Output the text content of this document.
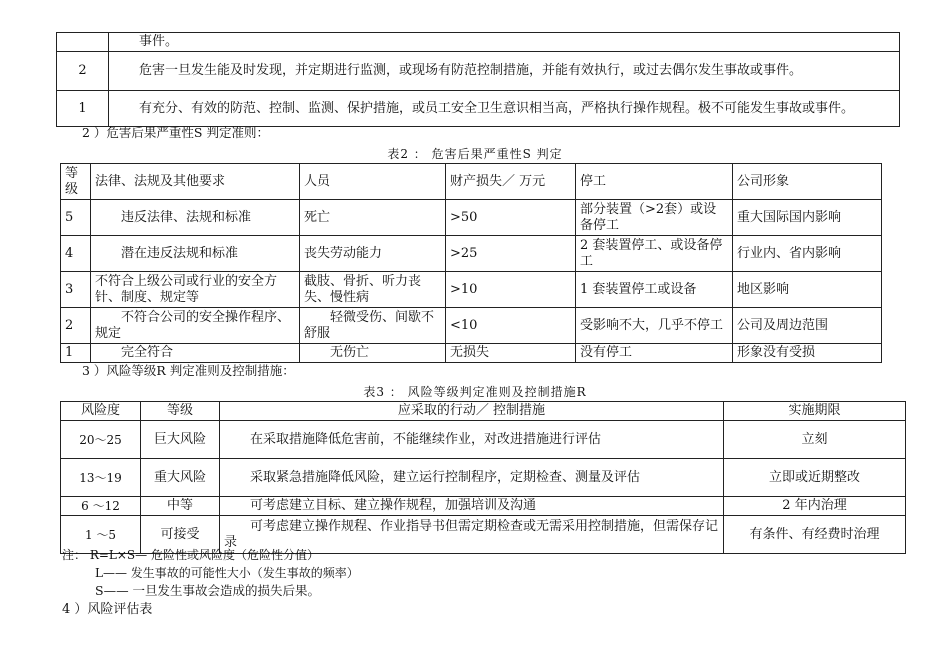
	事件。
2	危害一旦发生能及时发现，并定期进行监测，或现场有防范控制措施，并能有效执行，或过去偶尔发生事故或事件。
1	有充分、有效的防范、控制、监测、保护措施，或员工安全卫生意识相当高，严格执行操作规程。极不可能发生事故或事件。
2 ）危害后果严重性S 判定准则：
表2 ： 危害后果严重性S 判定
等级	法律、法规及其他要求	人员	财产损失／ 万元	停工	公司形象
5	违反法律、法规和标准	死亡	>50	部分装置（>2套）或设备停工	重大国际国内影响
4	潜在违反法规和标准	丧失劳动能力	>25	2 套装置停工、或设备停工	行业内、省内影响
3	不符合上级公司或行业的安全方针、制度、规定等	截肢、骨折、听力丧失、慢性病	>10	1 套装置停工或设备	地区影响
2	不符合公司的安全操作程序、规定	轻微受伤、间歇不舒服	<10	受影响不大，几乎不停工	公司及周边范围
1	完全符合	无伤亡	无损失	没有停工	形象没有受损
3 ）风险等级R 判定准则及控制措施：
表3 ： 风险等级判定准则及控制措施R
风险度	等级	应采取的行动／ 控制措施	实施期限
20～25	巨大风险	在采取措施降低危害前，不能继续作业，对改进措施进行评估	立刻
13～19	重大风险	采取紧急措施降低风险，建立运行控制程序，定期检查、测量及评估	立即或近期整改
6 ～12	中等	可考虑建立目标、建立操作规程，加强培训及沟通	2 年内治理
1 ～5	可接受	可考虑建立操作规程、作业指导书但需定期检查或无需采用控制措施，但需保存记录	有条件、有经费时治理
注： R=L×S— 危险性或风险度（危险性分值）
L—— 发生事故的可能性大小（发生事故的频率）
S—— 一旦发生事故会造成的损失后果。
4 ）风险评估表
